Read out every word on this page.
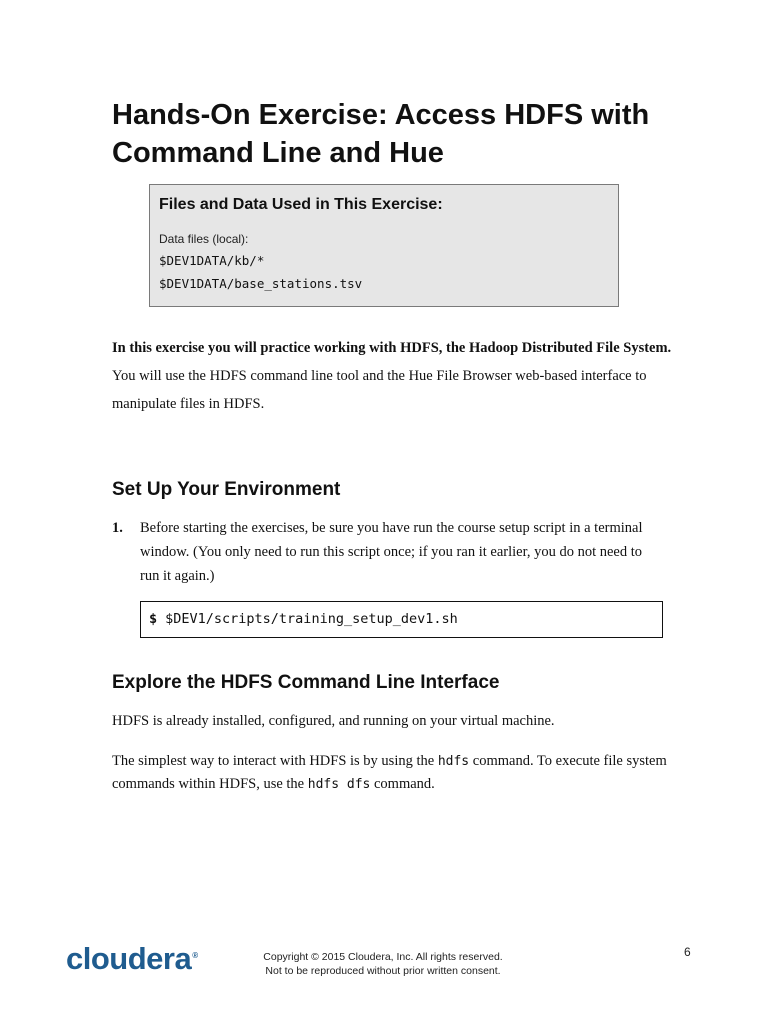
Hands-On Exercise: Access HDFS with Command Line and Hue

Files and Data Used in This Exercise:

Data files (local):

$DEV1DATA/kb/*

$DEV1DATA/base_stations.tsv

In this exercise you will practice working with HDFS, the Hadoop Distributed File System.

You will use the HDFS command line tool and the Hue File Browser web-based interface to manipulate files in HDFS.

Set Up Your Environment
1. Before starting the exercises, be sure you have run the course setup script in a terminal window. (You only need to run this script once; if you ran it earlier, you do not need to run it again.)
$ $DEV1/scripts/training_setup_dev1.sh
Explore the HDFS Command Line Interface
HDFS is already installed, configured, and running on your virtual machine.
The simplest way to interact with HDFS is by using the hdfs command. To execute file system commands within HDFS, use the hdfs dfs command.
cloudera®	Copyright © 2015 Cloudera, Inc. All rights reserved.

Not to be reproduced without prior written consent.

6
